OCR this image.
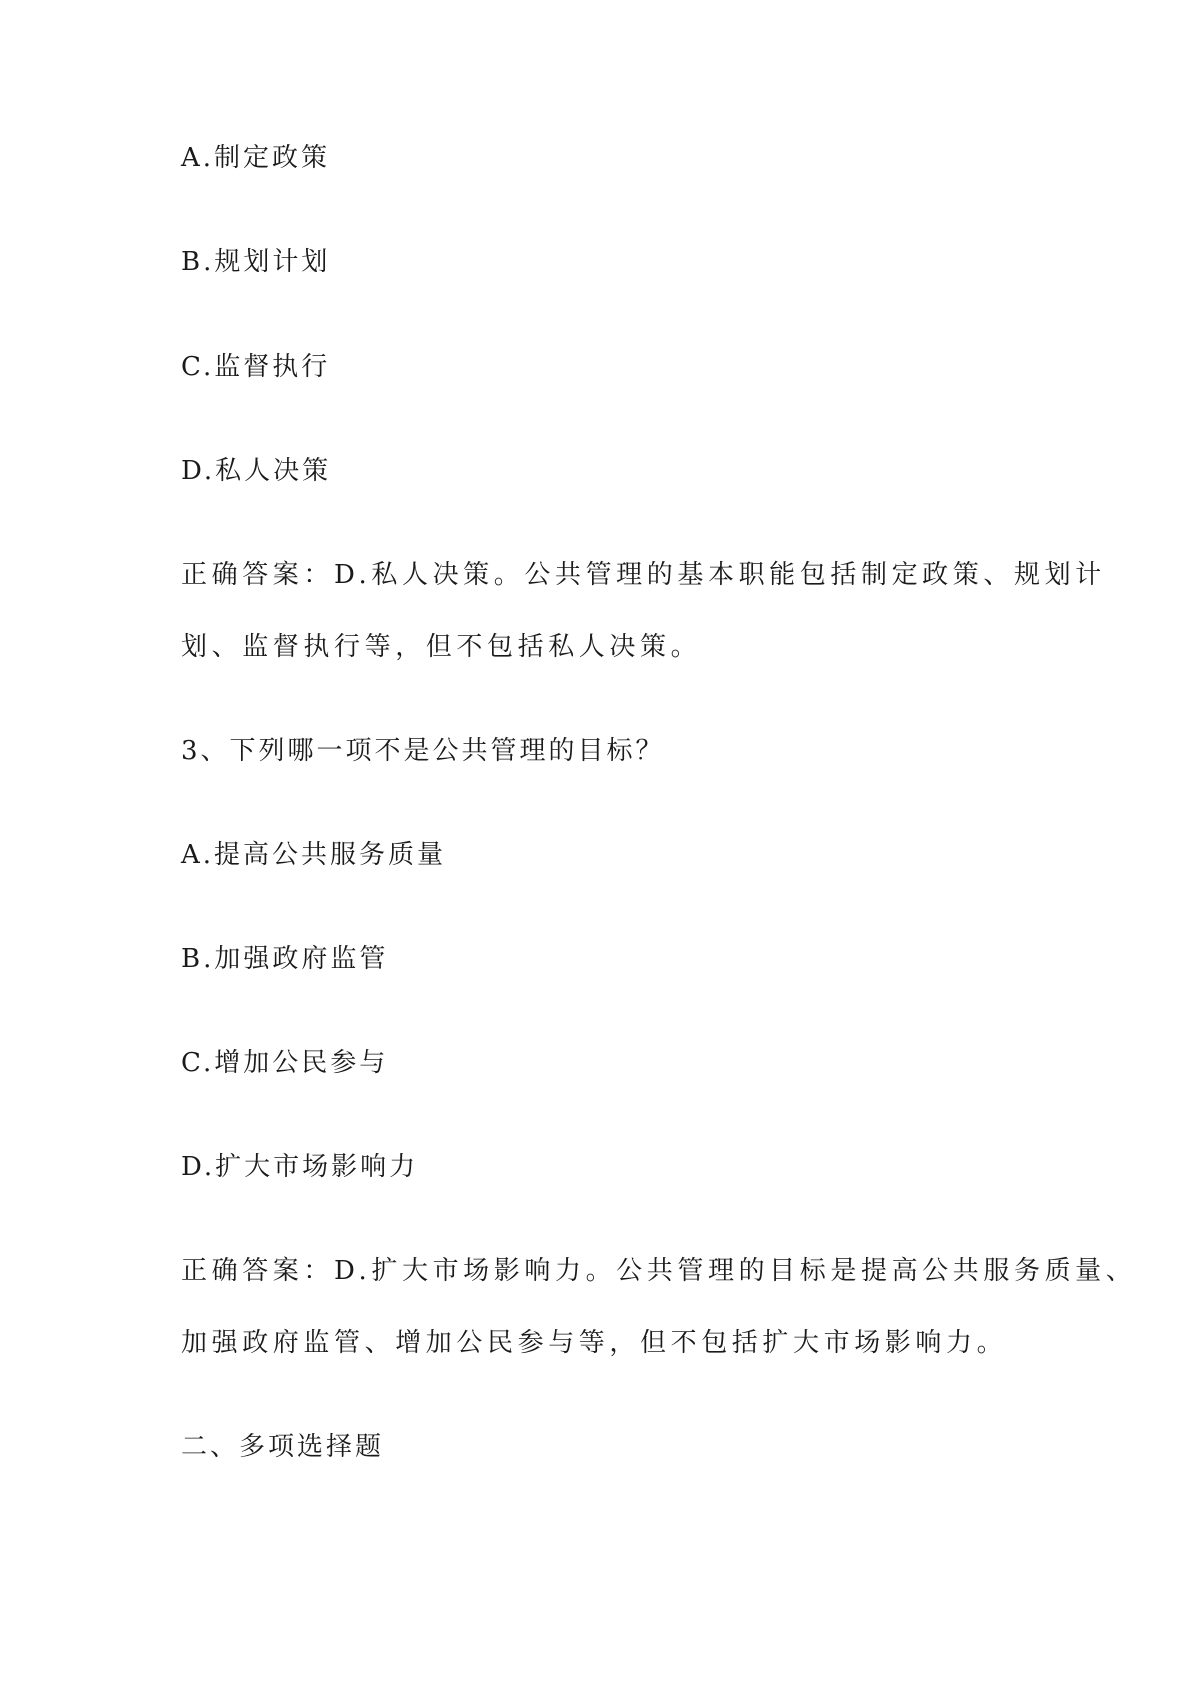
A.制定政策
B.规划计划
C.监督执行
D.私人决策
正确答案：D.私人决策。公共管理的基本职能包括制定政策、规划计
划、监督执行等，但不包括私人决策。
3、下列哪一项不是公共管理的目标？
A.提高公共服务质量
B.加强政府监管
C.增加公民参与
D.扩大市场影响力
正确答案：D.扩大市场影响力。公共管理的目标是提高公共服务质量、
加强政府监管、增加公民参与等，但不包括扩大市场影响力。
二、多项选择题
